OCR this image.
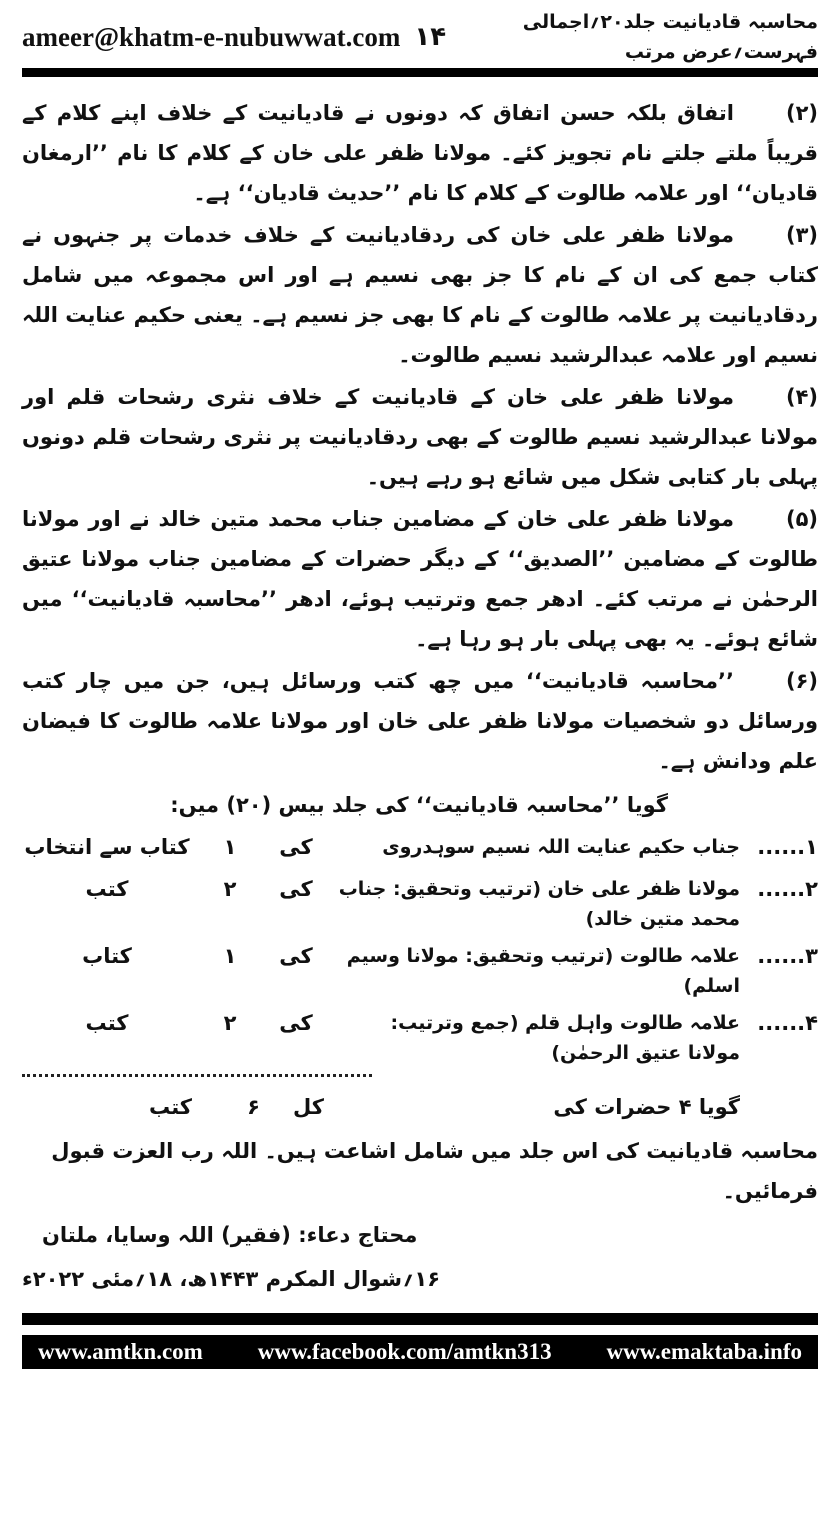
ameer@khatm-e-nubuwwat.com ۱۴	محاسبہ قادیانیت جلد۲۰؍اجمالی فہرست؍عرض مرتب
(۲)اتفاق بلکہ حسن اتفاق کہ دونوں نے قادیانیت کے خلاف اپنے کلام کے قریباً ملتے جلتے نام تجویز کئے۔ مولانا ظفر علی خان کے کلام کا نام ’’ارمغان قادیان‘‘ اور علامہ طالوت کے کلام کا نام ’’حدیث قادیان‘‘ ہے۔
(۳)مولانا ظفر علی خان کی ردقادیانیت کے خلاف خدمات پر جنہوں نے کتاب جمع کی ان کے نام کا جز بھی نسیم ہے اور اس مجموعہ میں شامل ردقادیانیت پر علامہ طالوت کے نام کا بھی جز نسیم ہے۔ یعنی حکیم عنایت اللہ نسیم اور علامہ عبدالرشید نسیم طالوت۔
(۴)مولانا ظفر علی خان کے قادیانیت کے خلاف نثری رشحات قلم اور مولانا عبدالرشید نسیم طالوت کے بھی ردقادیانیت پر نثری رشحات قلم دونوں پہلی بار کتابی شکل میں شائع ہو رہے ہیں۔
(۵)مولانا ظفر علی خان کے مضامین جناب محمد متین خالد نے اور مولانا طالوت کے مضامین ’’الصدیق‘‘ کے دیگر حضرات کے مضامین جناب مولانا عتیق الرحمٰن نے مرتب کئے۔ ادھر جمع وترتیب ہوئے، ادھر ’’محاسبہ قادیانیت‘‘ میں شائع ہوئے۔ یہ بھی پہلی بار ہو رہا ہے۔
(۶)’’محاسبہ قادیانیت‘‘ میں چھ کتب ورسائل ہیں، جن میں چار کتب ورسائل دو شخصیات مولانا ظفر علی خان اور مولانا علامہ طالوت کا فیضان علم ودانش ہے۔
گویا ’’محاسبہ قادیانیت‘‘ کی جلد بیس (۲۰) میں:
۱......
جناب حکیم عنایت اللہ نسیم سوہدروی
کی
۱
کتاب سے انتخاب
۲......
مولانا ظفر علی خان (ترتیب وتحقیق: جناب محمد متین خالد)
کی
۲
کتب
۳......
علامہ طالوت (ترتیب وتحقیق: مولانا وسیم اسلم)
کی
۱
کتاب
۴......
علامہ طالوت واہل قلم (جمع وترتیب: مولانا عتیق الرحمٰن)
کی
۲
کتب
گویا ۴ حضرات کی
کل
۶
کتب
محاسبہ قادیانیت کی اس جلد میں شامل اشاعت ہیں۔ اللہ رب العزت قبول فرمائیں۔
محتاج دعاء: (فقیر) اللہ وسایا، ملتان
۱۶؍شوال المکرم ۱۴۴۳ھ، ۱۸؍مئی ۲۰۲۲ء
www.amtkn.com www.facebook.com/amtkn313 www.emaktaba.info
